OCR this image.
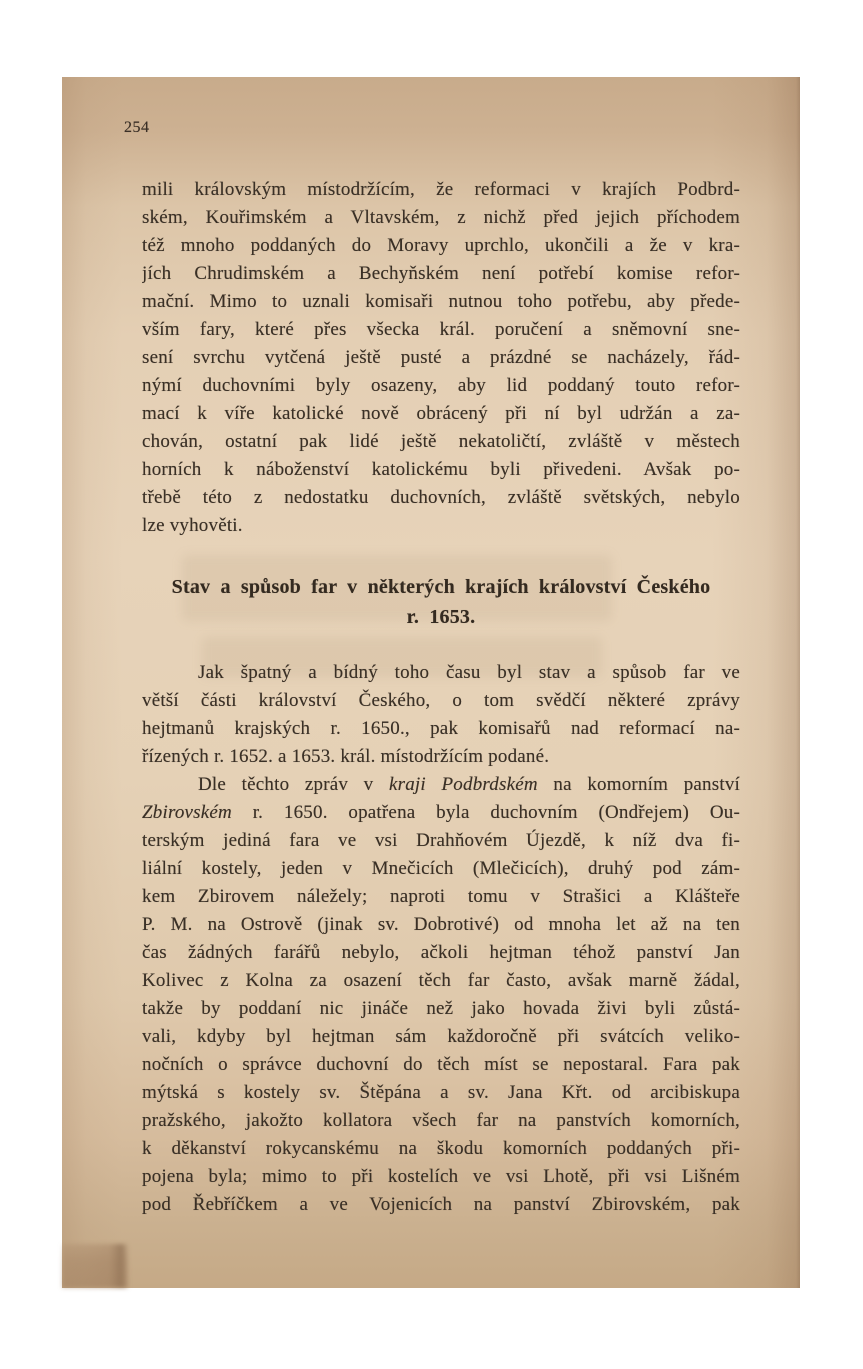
254
mili královským místodržícím, že reformaci v krajích Podbrd-
ském, Kouřimském a Vltavském, z nichž před jejich příchodem
též mnoho poddaných do Moravy uprchlo, ukončili a že v kra-
jích Chrudimském a Bechyňském není potřebí komise refor-
mační. Mimo to uznali komisaři nutnou toho potřebu, aby přede-
vším fary, které přes všecka král. poručení a sněmovní sne-
sení svrchu vytčená ještě pusté a prázdné se nacházely, řád-
nýmí duchovními byly osazeny, aby lid poddaný touto refor-
mací k víře katolické nově obrácený při ní byl udržán a za-
chován, ostatní pak lidé ještě nekatoličtí, zvláště v městech
horních k náboženství katolickému byli přivedeni. Avšak po-
třebě této z nedostatku duchovních, zvláště světských, nebylo
lze vyhověti.
Stav a spůsob far v některých krajích království Českého
r. 1653.
Jak špatný a bídný toho času byl stav a spůsob far ve
větší části království Českého, o tom svědčí některé zprávy
hejtmanů krajských r. 1650., pak komisařů nad reformací na-
řízených r. 1652. a 1653. král. místodržícím podané.
Dle těchto zpráv v kraji Podbrdském na komorním panství
Zbirovském r. 1650. opatřena byla duchovním (Ondřejem) Ou-
terským jediná fara ve vsi Drahňovém Újezdě, k níž dva fi-
liální kostely, jeden v Mnečicích (Mlečicích), druhý pod zám-
kem Zbirovem náležely; naproti tomu v Strašici a Klášteře
P. M. na Ostrově (jinak sv. Dobrotivé) od mnoha let až na ten
čas žádných farářů nebylo, ačkoli hejtman téhož panství Jan
Kolivec z Kolna za osazení těch far často, avšak marně žádal,
takže by poddaní nic jináče než jako hovada živi byli zůstá-
vali, kdyby byl hejtman sám každoročně při svátcích veliko-
nočních o správce duchovní do těch míst se nepostaral. Fara pak
mýtská s kostely sv. Štěpána a sv. Jana Křt. od arcibiskupa
pražského, jakožto kollatora všech far na panstvích komorních,
k děkanství rokycanskému na škodu komorních poddaných při-
pojena byla; mimo to při kostelích ve vsi Lhotě, při vsi Lišném
pod Řebříčkem a ve Vojenicích na panství Zbirovském, pak
